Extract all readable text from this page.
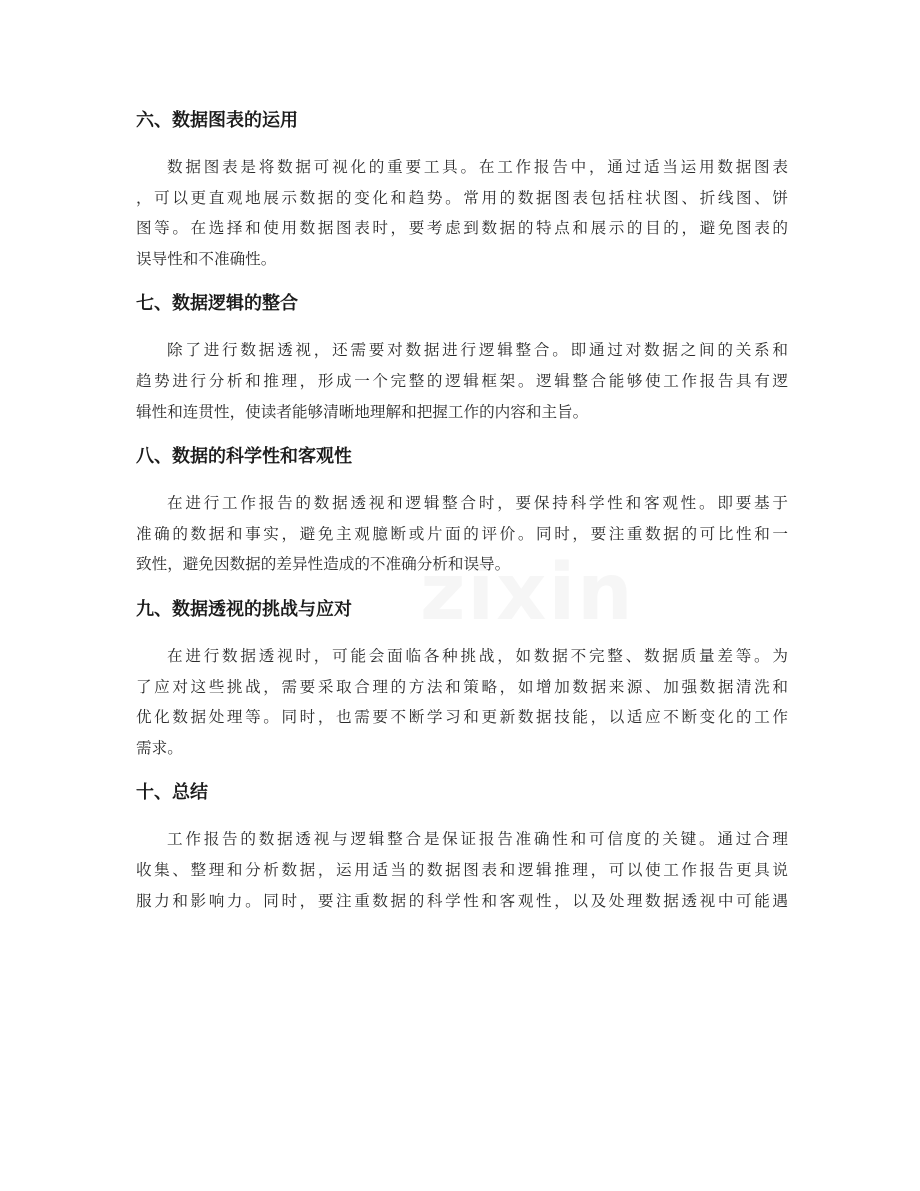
zixin
六、数据图表的运用
数据图表是将数据可视化的重要工具。在工作报告中，通过适当运用数据图表
，可以更直观地展示数据的变化和趋势。常用的数据图表包括柱状图、折线图、饼
图等。在选择和使用数据图表时，要考虑到数据的特点和展示的目的，避免图表的
误导性和不准确性。
七、数据逻辑的整合
除了进行数据透视，还需要对数据进行逻辑整合。即通过对数据之间的关系和
趋势进行分析和推理，形成一个完整的逻辑框架。逻辑整合能够使工作报告具有逻
辑性和连贯性，使读者能够清晰地理解和把握工作的内容和主旨。
八、数据的科学性和客观性
在进行工作报告的数据透视和逻辑整合时，要保持科学性和客观性。即要基于
准确的数据和事实，避免主观臆断或片面的评价。同时，要注重数据的可比性和一
致性，避免因数据的差异性造成的不准确分析和误导。
九、数据透视的挑战与应对
在进行数据透视时，可能会面临各种挑战，如数据不完整、数据质量差等。为
了应对这些挑战，需要采取合理的方法和策略，如增加数据来源、加强数据清洗和
优化数据处理等。同时，也需要不断学习和更新数据技能，以适应不断变化的工作
需求。
十、总结
工作报告的数据透视与逻辑整合是保证报告准确性和可信度的关键。通过合理
收集、整理和分析数据，运用适当的数据图表和逻辑推理，可以使工作报告更具说
服力和影响力。同时，要注重数据的科学性和客观性，以及处理数据透视中可能遇
